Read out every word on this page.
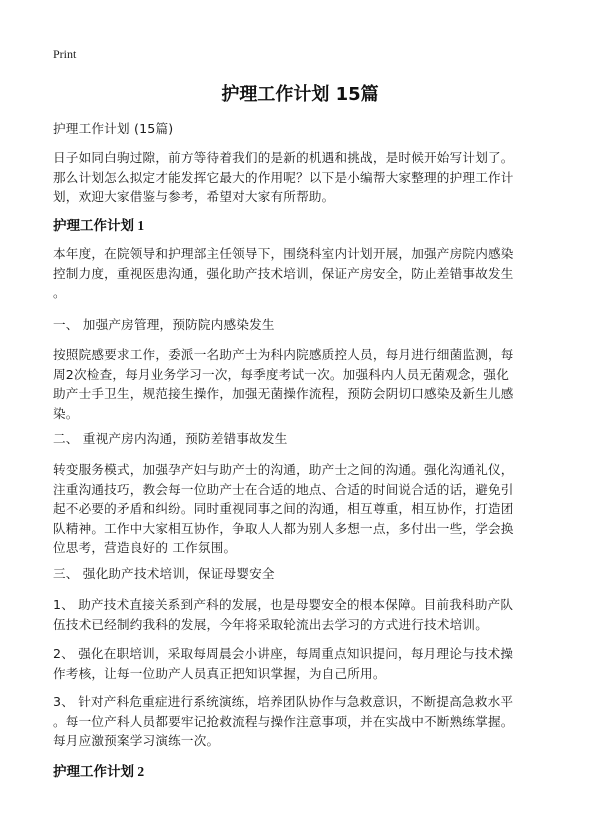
Print
护理工作计划 15篇
护理工作计划 (15篇)
日子如同白驹过隙，前方等待着我们的是新的机遇和挑战，是时候开始写计划了。
那么计划怎么拟定才能发挥它最大的作用呢？以下是小编帮大家整理的护理工作计
划，欢迎大家借鉴与参考，希望对大家有所帮助。
护理工作计划 1
本年度，在院领导和护理部主任领导下，围绕科室内计划开展，加强产房院内感染
控制力度，重视医患沟通，强化助产技术培训，保证产房安全，防止差错事故发生
。
一、 加强产房管理，预防院内感染发生
按照院感要求工作，委派一名助产士为科内院感质控人员，每月进行细菌监测，每
周2次检查，每月业务学习一次，每季度考试一次。加强科内人员无菌观念，强化
助产士手卫生，规范接生操作，加强无菌操作流程，预防会阴切口感染及新生儿感
染。
二、 重视产房内沟通，预防差错事故发生
转变服务模式，加强孕产妇与助产士的沟通，助产士之间的沟通。强化沟通礼仪，
注重沟通技巧，教会每一位助产士在合适的地点、合适的时间说合适的话，避免引
起不必要的矛盾和纠纷。同时重视同事之间的沟通，相互尊重，相互协作，打造团
队精神。工作中大家相互协作，争取人人都为别人多想一点，多付出一些，学会换
位思考，营造良好的 工作氛围。
三、 强化助产技术培训，保证母婴安全
1、 助产技术直接关系到产科的发展，也是母婴安全的根本保障。目前我科助产队
伍技术已经制约我科的发展，今年将采取轮流出去学习的方式进行技术培训。
2、 强化在职培训，采取每周晨会小讲座，每周重点知识提问，每月理论与技术操
作考核，让每一位助产人员真正把知识掌握，为自己所用。
3、 针对产科危重症进行系统演练，培养团队协作与急救意识，不断提高急救水平
。每一位产科人员都要牢记抢救流程与操作注意事项，并在实战中不断熟练掌握。
每月应激预案学习演练一次。
护理工作计划 2
